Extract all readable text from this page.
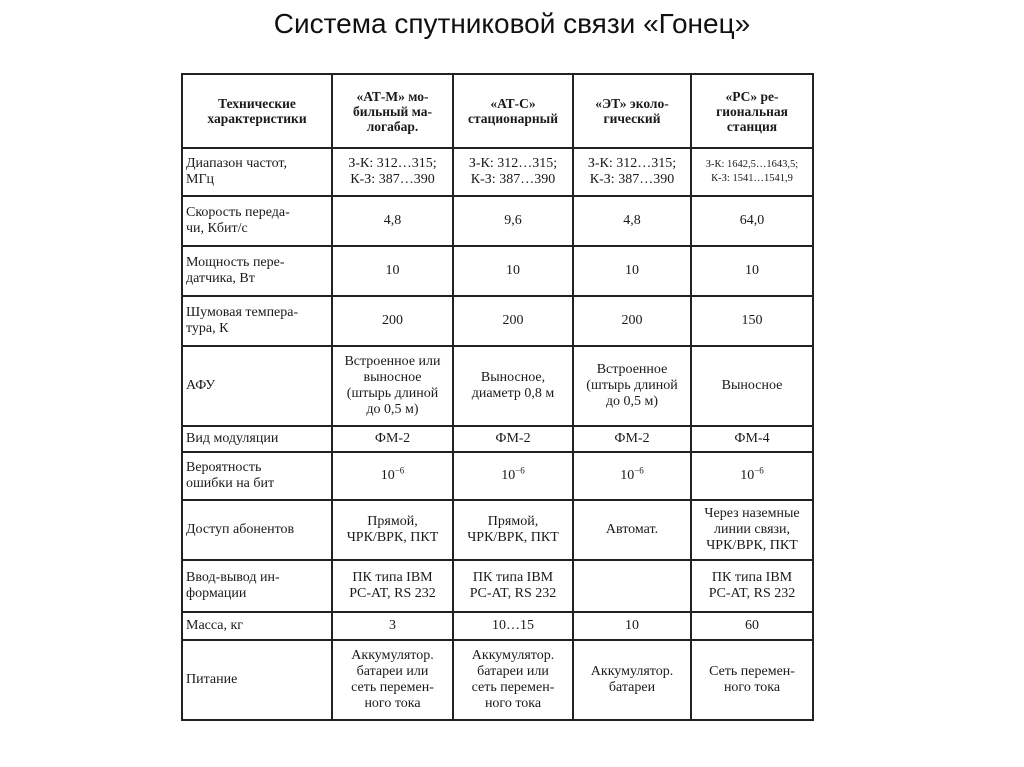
Система спутниковой связи «Гонец»
Технические
характеристики	«АТ-М» мо-
бильный ма-
логабар.	«АТ-С»
стационарный	«ЭТ» эколо-
гический	«РС» ре-
гиональная
станция
Диапазон частот,
МГц	З-К: 312…315;
К-З: 387…390	З-К: 312…315;
К-З: 387…390	З-К: 312…315;
К-З: 387…390	З-К: 1642,5…1643,5;
К-З: 1541…1541,9
Скорость переда-
чи, Кбит/с	4,8	9,6	4,8	64,0
Мощность пере-
датчика, Вт	10	10	10	10
Шумовая темпера-
тура, К	200	200	200	150
АФУ	Встроенное или
выносное
(штырь длиной
до 0,5 м)	Выносное,
диаметр 0,8 м	Встроенное
(штырь длиной
до 0,5 м)	Выносное
Вид модуляции	ФМ-2	ФМ-2	ФМ-2	ФМ-4
Вероятность
ошибки на бит	$10^{-6}$	$10^{-6}$	$10^{-6}$	$10^{-6}$
Доступ абонентов	Прямой,
ЧРК/ВРК, ПКТ	Прямой,
ЧРК/ВРК, ПКТ	Автомат.	Через наземные
линии связи,
ЧРК/ВРК, ПКТ
Ввод-вывод ин-
формации	ПК типа IBM
PC-AT, RS 232	ПК типа IBM
PC-AT, RS 232		ПК типа IBM
PC-AT, RS 232
Масса, кг	3	10…15	10	60
Питание	Аккумулятор.
батареи или
сеть перемен-
ного тока	Аккумулятор.
батареи или
сеть перемен-
ного тока	Аккумулятор.
батареи	Сеть перемен-
ного тока
